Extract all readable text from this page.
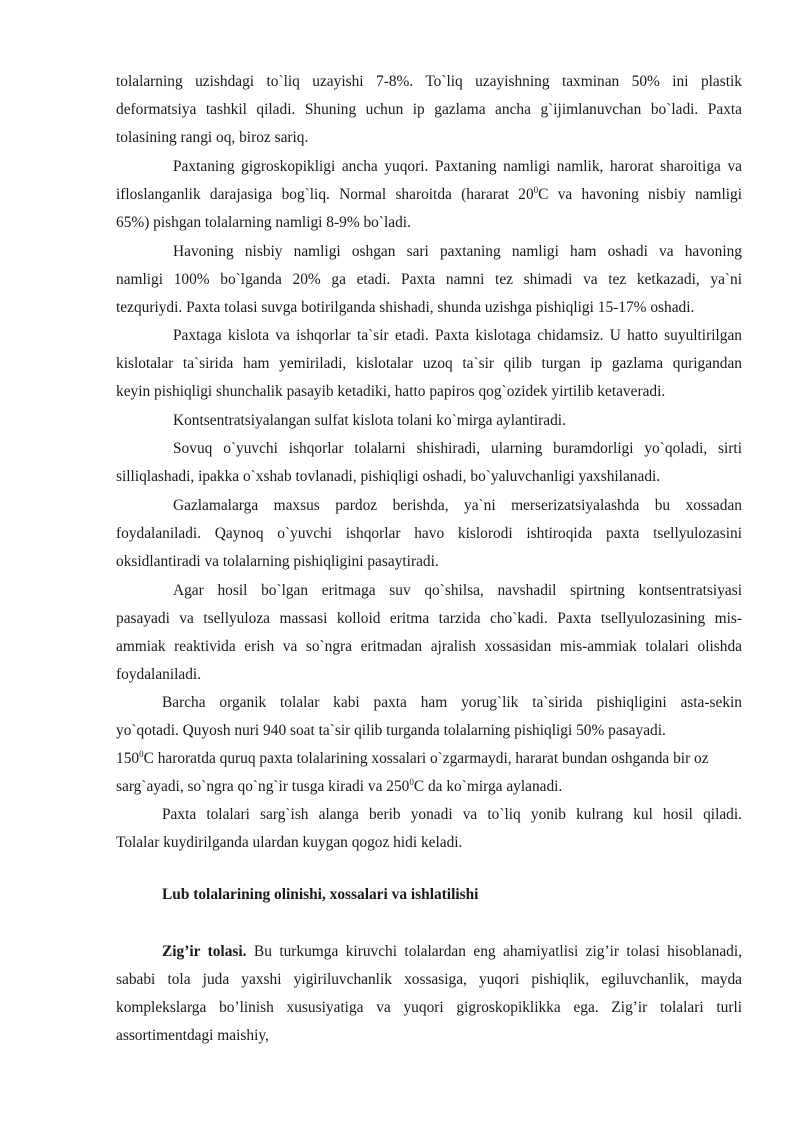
tolalarning uzishdagi to`liq uzayishi 7-8%. To`liq uzayishning taxminan 50% ini plastik
deformatsiya tashkil qiladi. Shuning uchun ip gazlama ancha g`ijimlanuvchan bo`ladi. Paxta
tolasining rangi oq, biroz sariq.
Paxtaning gigroskopikligi ancha yuqori. Paxtaning namligi namlik, harorat sharoitiga va
ifloslanganlik darajasiga bog`liq. Normal sharoitda (hararat $20^0C$ va havoning nisbiy namligi
65%) pishgan tolalarning namligi 8-9% bo`ladi.
Havoning nisbiy namligi oshgan sari paxtaning namligi ham oshadi va havoning
namligi 100% bo`lganda 20% ga etadi. Paxta namni tez shimadi va tez ketkazadi, ya`ni
tezquriydi. Paxta tolasi suvga botirilganda shishadi, shunda uzishga pishiqligi 15-17% oshadi.
Paxtaga kislota va ishqorlar ta`sir etadi. Paxta kislotaga chidamsiz. U hatto suyultirilgan
kislotalar ta`sirida ham yemiriladi, kislotalar uzoq ta`sir qilib turgan ip gazlama qurigandan
keyin pishiqligi shunchalik pasayib ketadiki, hatto papiros qog`ozidek yirtilib ketaveradi.
Kontsentratsiyalangan sulfat kislota tolani ko`mirga aylantiradi.
Sovuq o`yuvchi ishqorlar tolalarni shishiradi, ularning buramdorligi yo`qoladi, sirti
silliqlashadi, ipakka o`xshab tovlanadi, pishiqligi oshadi, bo`yaluvchanligi yaxshilanadi.
Gazlamalarga maxsus pardoz berishda, ya`ni merserizatsiyalashda bu xossadan
foydalaniladi. Qaynoq o`yuvchi ishqorlar havo kislorodi ishtiroqida paxta tsellyulozasini
oksidlantiradi va tolalarning pishiqligini pasaytiradi.
Agar hosil bo`lgan eritmaga suv qo`shilsa, navshadil spirtning kontsentratsiyasi
pasayadi va tsellyuloza massasi kolloid eritma tarzida cho`kadi. Paxta tsellyulozasining mis-
ammiak reaktivida erish va so`ngra eritmadan ajralish xossasidan mis-ammiak tolalari olishda
foydalaniladi.
Barcha organik tolalar kabi paxta ham yorug`lik ta`sirida pishiqligini asta-sekin
yo`qotadi. Quyosh nuri 940 soat ta`sir qilib turganda tolalarning pishiqligi 50% pasayadi.
$150^0C$ haroratda quruq paxta tolalarining xossalari o`zgarmaydi, hararat bundan oshganda bir oz
sarg`ayadi, so`ngra qo`ng`ir tusga kiradi va $250^0C$ da ko`mirga aylanadi.
Paxta tolalari sarg`ish alanga berib yonadi va to`liq yonib kulrang kul hosil qiladi.
Tolalar kuydirilganda ulardan kuygan qogoz hidi keladi.
Lub tolalarining olinishi, xossalari va ishlatilishi
Zig’ir tolasi. Bu turkumga kiruvchi tolalardan eng ahamiyatlisi zig’ir tolasi hisoblanadi,
sababi tola juda yaxshi yigiriluvchanlik xossasiga, yuqori pishiqlik, egiluvchanlik, mayda
komplekslarga bo’linish xususiyatiga va yuqori gigroskopiklikka ega. Zig’ir tolalari turli
assortimentdagi maishiy,
